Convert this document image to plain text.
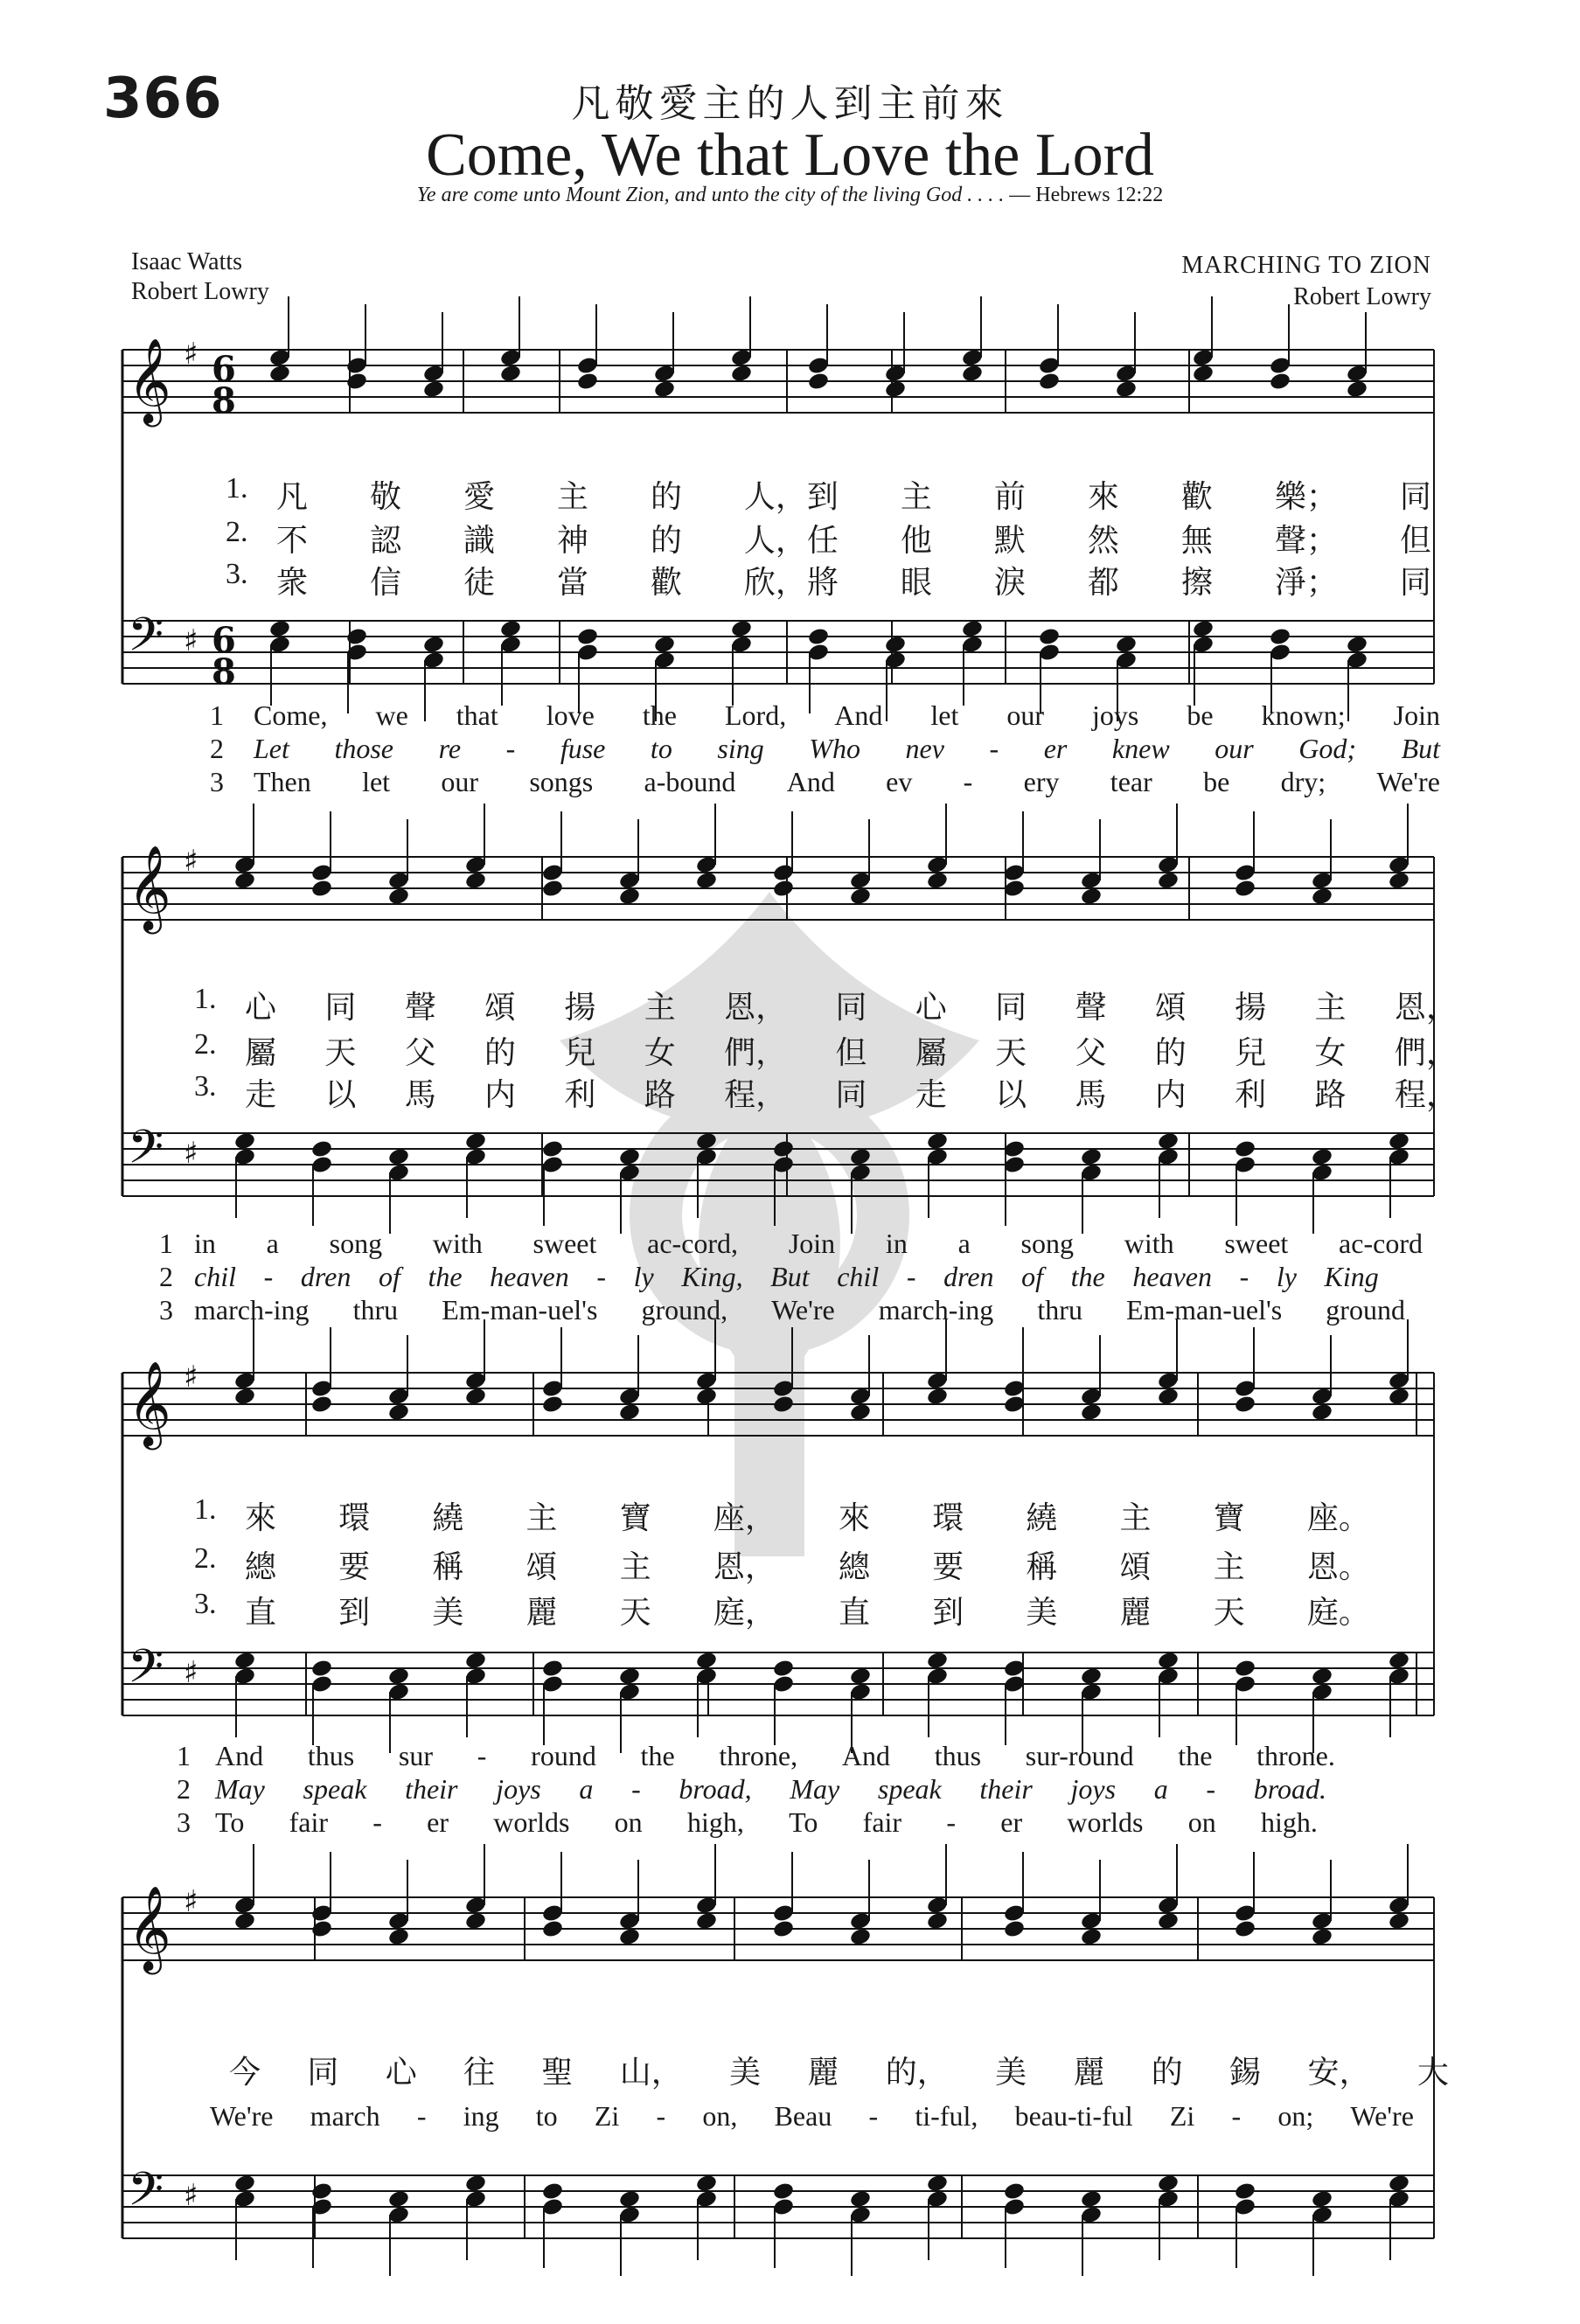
366	凡敬愛主的人到主前來
Come, We that Love the Lord
Ye are come unto Mount Zion, and unto the city of the living God . . . . — Hebrews 12:22
Isaac Watts
Robert Lowry
MARCHING TO ZION
Robert Lowry
𝄞 ♯ 6
8
𝄢 ♯ 6
8
𝄞 ♯
𝄢 ♯
𝄞 ♯
𝄢 ♯
𝄞 ♯
𝄢 ♯
1. 凡 敬 愛 主 的 人，到 主 前 來 歡 樂； 同
2. 不 認 識 神 的 人，任 他 默 然 無 聲； 但
3. 衆 信 徒 當 歡 欣，將 眼 淚 都 擦 淨； 同
1 Come, we that love the Lord, And let our joys be known; Join
2 Let those re - fuse to sing Who nev - er knew our God; But
3 Then let our songs a-bound And ev - ery tear be dry; We're
1. 心 同 聲 頌 揚 主 恩， 同 心 同 聲 頌 揚 主 恩，
2. 屬 天 父 的 兒 女 們， 但 屬 天 父 的 兒 女 們，
3. 走 以 馬 内 利 路 程， 同 走 以 馬 内 利 路 程，
1 in a song with sweet ac-cord, Join in a song with sweet ac-cord
2 chil - dren of the heaven - ly King, But chil - dren of the heaven - ly King
3 march-ing thru Em-man-uel's ground, We're march-ing thru Em-man-uel's ground
1. 來 環 繞 主 寶 座， 來 環 繞 主 寶 座。
2. 總 要 稱 頌 主 恩， 總 要 稱 頌 主 恩。
3. 直 到 美 麗 天 庭， 直 到 美 麗 天 庭。
1 And thus sur - round the throne, And thus sur-round the throne.
2 May speak their joys a - broad, May speak their joys a - broad.
3 To fair - er worlds on high, To fair - er worlds on high.
今 同 心 往 聖 山， 美 麗 的， 美 麗 的 錫 安， 大
We're march - ing to Zi - on, Beau - ti-ful, beau-ti-ful Zi - on; We're
